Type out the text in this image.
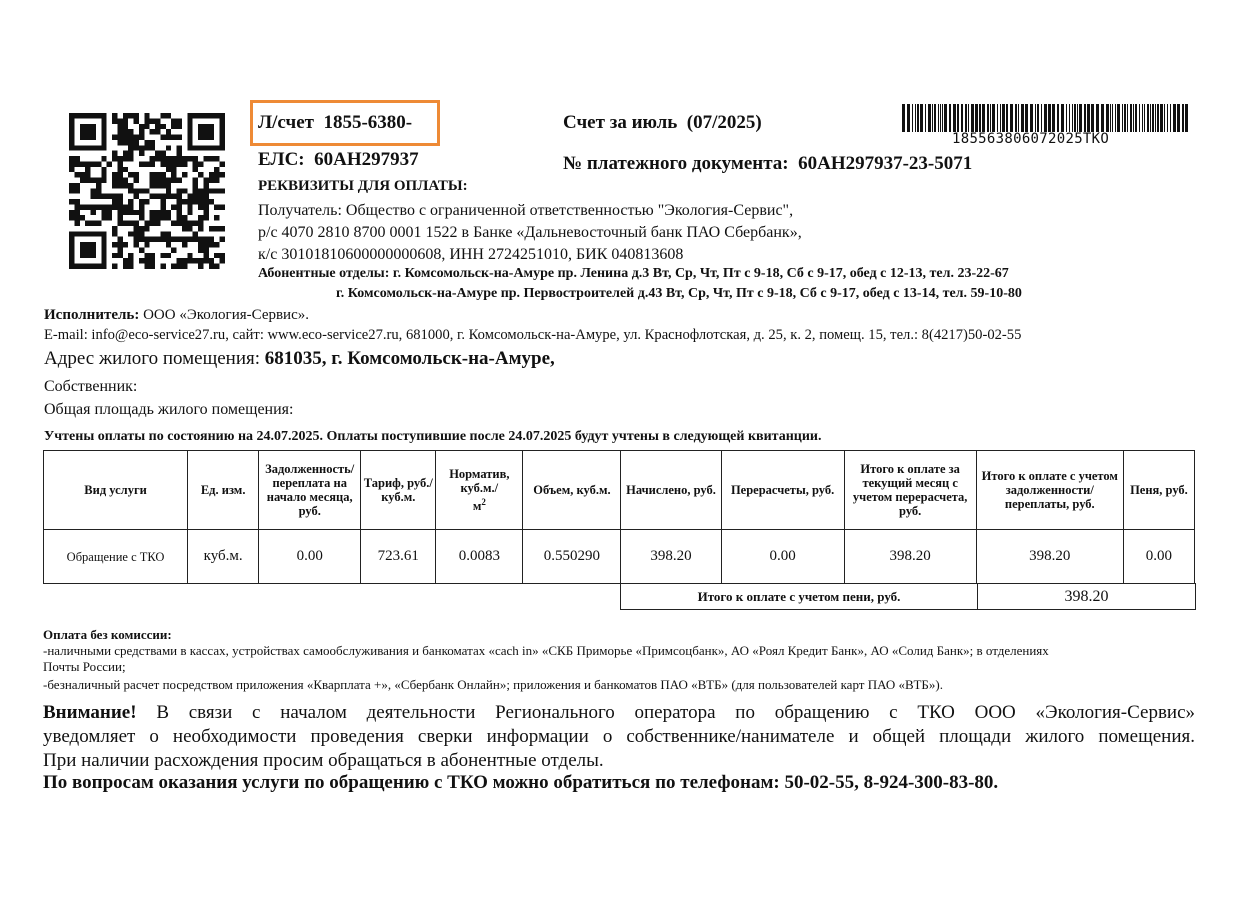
Л/счет 1855-6380-
ЕЛС: 60АН297937
Счет за июль (07/2025)
№ платежного документа: 60АН297937-23-5071
185563806072025TKO
РЕКВИЗИТЫ ДЛЯ ОПЛАТЫ:
Получатель: Общество с ограниченной ответственностью "Экология-Сервис",
р/с 4070 2810 8700 0001 1522 в Банке «Дальневосточный банк ПАО Сбербанк»,
к/с 30101810600000000608, ИНН 2724251010, БИК 040813608
Абонентные отделы: г. Комсомольск-на-Амуре пр. Ленина д.3 Вт, Ср, Чт, Пт с 9-18, Сб с 9-17, обед с 12-13, тел. 23-22-67
г. Комсомольск-на-Амуре пр. Первостроителей д.43 Вт, Ср, Чт, Пт с 9-18, Сб с 9-17, обед с 13-14, тел. 59-10-80
Исполнитель: ООО «Экология-Сервис».
E-mail: info@eco-service27.ru, сайт: www.eco-service27.ru, 681000, г. Комсомольск-на-Амуре, ул. Краснофлотская, д. 25, к. 2, помещ. 15, тел.: 8(4217)50-02-55
Адрес жилого помещения: 681035, г. Комсомольск-на-Амуре,
Собственник:
Общая площадь жилого помещения:
Учтены оплаты по состоянию на 24.07.2025. Оплаты поступившие после 24.07.2025 будут учтены в следующей квитанции.
Вид услуги	Ед. изм.	Задолженность/ переплата на начало месяца, руб.	Тариф, руб./ куб.м.	Норматив,
куб.м./
$м^2$	Объем, куб.м.	Начислено, руб.	Перерасчеты, руб.	Итого к оплате за текущий месяц с учетом перерасчета, руб.	Итого к оплате с учетом задолженности/ переплаты, руб.	Пеня, руб.
Обращение с ТКО	куб.м.	0.00	723.61	0.0083	0.550290	398.20	0.00	398.20	398.20	0.00
Итого к оплате с учетом пени, руб.	398.20
Оплата без комиссии:
-наличными средствами в кассах, устройствах самообслуживания и банкоматах «cach in» «СКБ Приморье «Примсоцбанк», АО «Роял Кредит Банк», АО «Солид Банк»; в отделениях
Почты России;
-безналичный расчет посредством приложения «Кварплата +», «Сбербанк Онлайн»; приложения и банкоматов ПАО «ВТБ» (для пользователей карт ПАО «ВТБ»).
Внимание! В связи с началом деятельности Регионального оператора по обращению с ТКО ООО «Экология-Сервис»
уведомляет о необходимости проведения сверки информации о собственнике/нанимателе и общей площади жилого помещения.
При наличии расхождения просим обращаться в абонентные отделы.
По вопросам оказания услуги по обращению с ТКО можно обратиться по телефонам: 50-02-55, 8-924-300-83-80.
